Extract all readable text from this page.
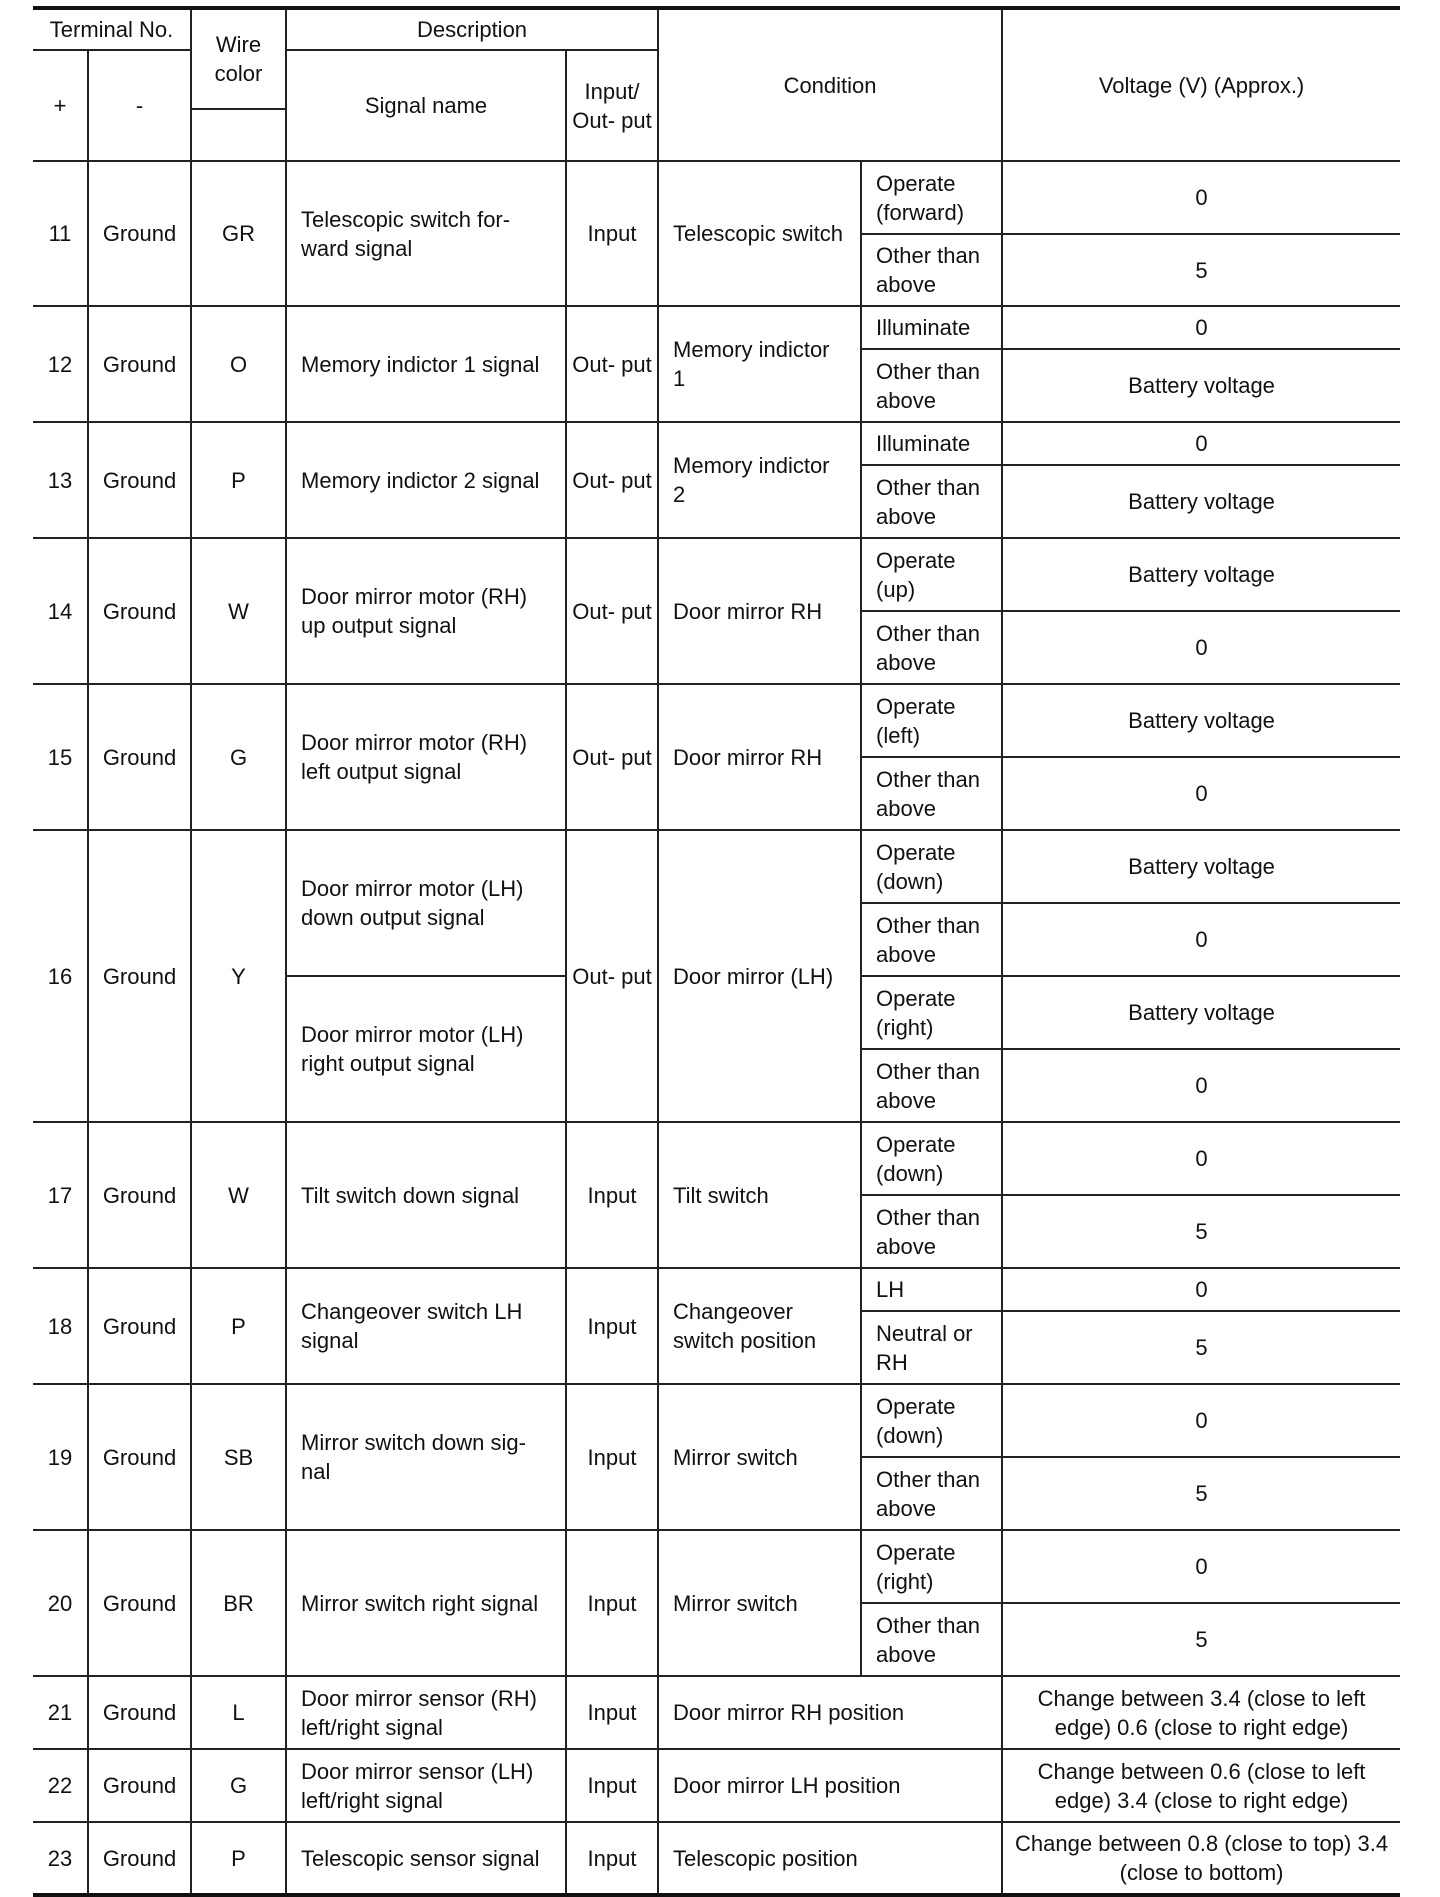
Terminal No.		Wire color	Description		Condition		Voltage (V) (Approx.)
+	-		Signal name	Input/ Out- put			

11	Ground	GR	Telescopic switch for- ward signal	Input	Telescopic switch	Operate (forward)	0
						Other than above	5
12	Ground	O	Memory indictor 1 signal	Out- put	Memory indictor 1	Illuminate	0
						Other than above	Battery voltage
13	Ground	P	Memory indictor 2 signal	Out- put	Memory indictor 2	Illuminate	0
						Other than above	Battery voltage
14	Ground	W	Door mirror motor (RH) up output signal	Out- put	Door mirror RH	Operate (up)	Battery voltage
						Other than above	0
15	Ground	G	Door mirror motor (RH) left output signal	Out- put	Door mirror RH	Operate (left)	Battery voltage
						Other than above	0
16	Ground	Y	Door mirror motor (LH) down output signal	Out- put	Door mirror (LH)	Operate (down)	Battery voltage
						Other than above	0
			Door mirror motor (LH) right output signal			Operate (right)	Battery voltage
						Other than above	0
17	Ground	W	Tilt switch down signal	Input	Tilt switch	Operate (down)	0
						Other than above	5
18	Ground	P	Changeover switch LH signal	Input	Changeover switch position	LH	0
						Neutral or RH	5
19	Ground	SB	Mirror switch down sig- nal	Input	Mirror switch	Operate (down)	0
						Other than above	5
20	Ground	BR	Mirror switch right signal	Input	Mirror switch	Operate (right)	0
						Other than above	5
21	Ground	L	Door mirror sensor (RH) left/right signal	Input	Door mirror RH position		Change between 3.4 (close to left edge) 0.6 (close to right edge)
22	Ground	G	Door mirror sensor (LH) left/right signal	Input	Door mirror LH position		Change between 0.6 (close to left edge) 3.4 (close to right edge)
23	Ground	P	Telescopic sensor signal	Input	Telescopic position		Change between 0.8 (close to top) 3.4 (close to bottom)
